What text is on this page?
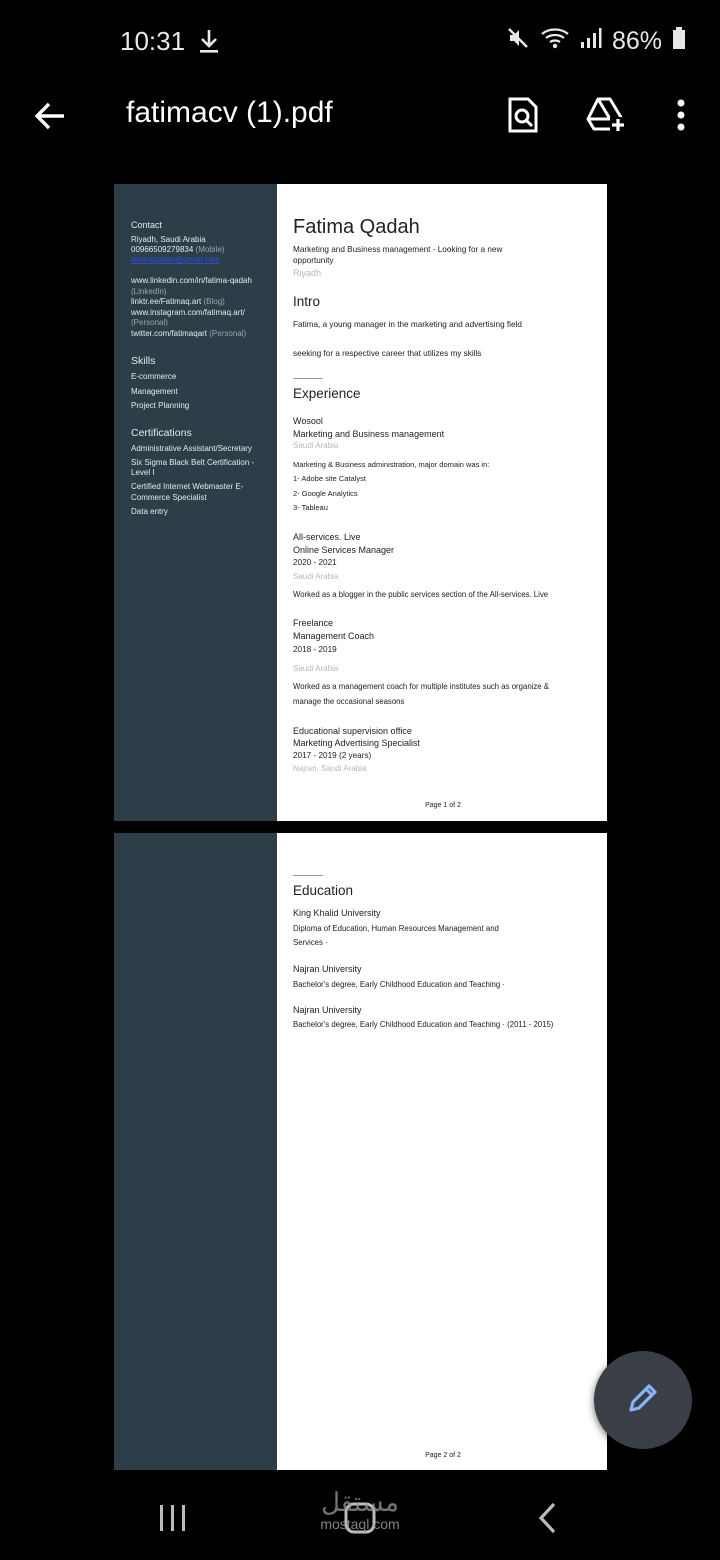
10:31	86%
fatimacv (1).pdf
Contact
Riyadh, Saudi Arabia
00966509279834 (Mobile)
fatimaqadah@gmail.com
www.linkedin.com/in/fatima-qadah
(LinkedIn)
linktr.ee/Fatimaq.art (Blog)
www.instagram.com/fatimaq.art/
(Personal)
twitter.com/fatimaqart (Personal)
Skills
E-commerce
Management
Project Planning
Certifications
Administrative Assistant/Secretary
Six Sigma Black Belt Certification -
Level I
Certified Internet Webmaster E-
Commerce Specialist
Data entry
Fatima Qadah
Marketing and Business management - Looking for a new
opportunity
Riyadh
Intro
Fatima, a young manager in the marketing and advertising field
seeking for a respective career that utilizes my skills
Experience
Wosool
Marketing and Business management
Saudi Arabia
Marketing & Business administration, major domain was in:
1- Adobe site Catalyst
2- Google Analytics
3- Tableau
All-services. Live
Online Services Manager
2020 - 2021
Saudi Arabia
Worked as a blogger in the public services section of the All-services. Live
Freelance
Management Coach
2018 - 2019
Saudi Arabia
Worked as a management coach for multiple institutes such as organize &
manage the occasional seasons
Educational supervision office
Marketing Advertising Specialist
2017 - 2019 (2 years)
Najran, Saudi Arabia
Page 1 of 2
Education
King Khalid University
Diploma of Education, Human Resources Management and
Services ·
Najran University
Bachelor's degree, Early Childhood Education and Teaching ·
Najran University
Bachelor's degree, Early Childhood Education and Teaching · (2011 - 2015)
Page 2 of 2
مستقل
mostaql.com
